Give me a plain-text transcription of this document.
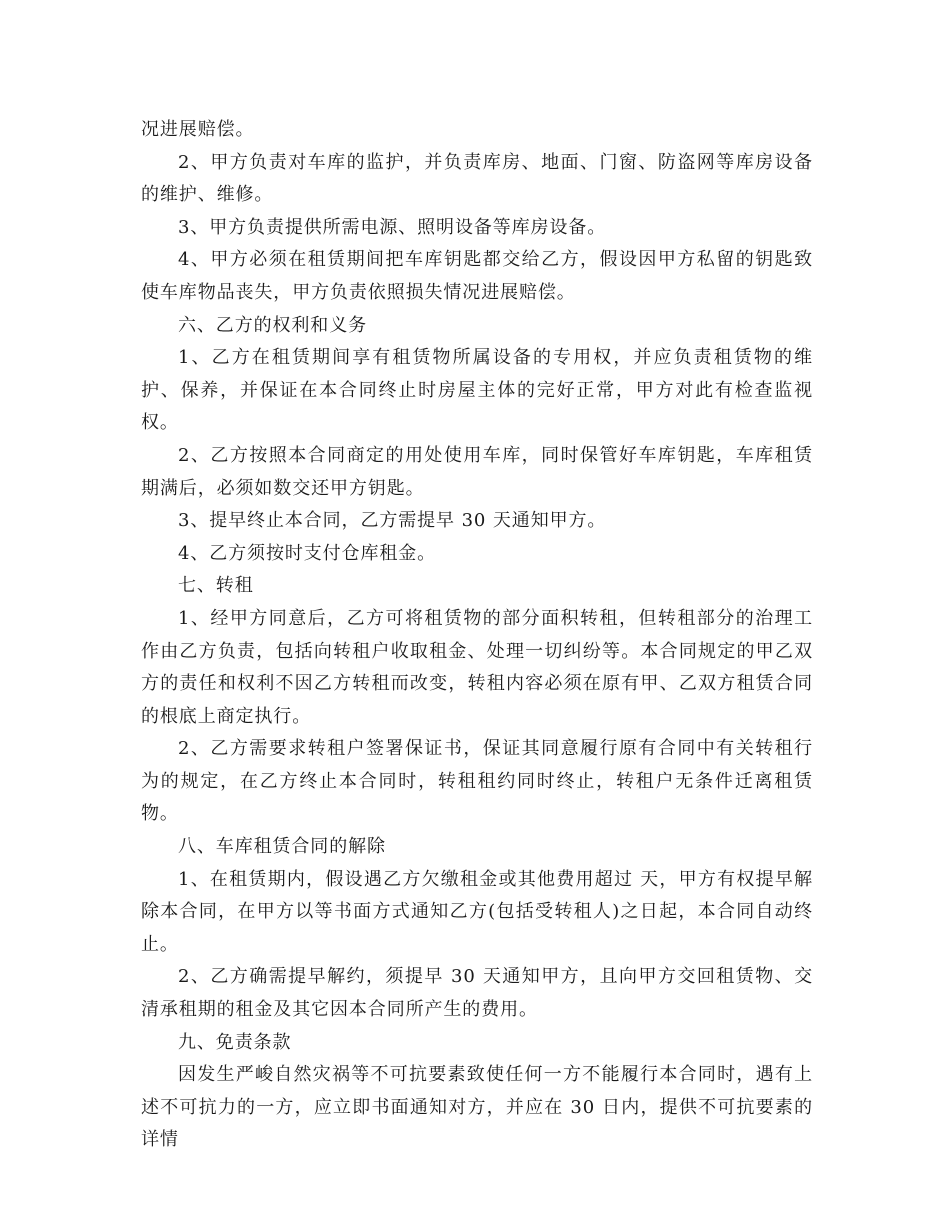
况进展赔偿。

2、甲方负责对车库的监护，并负责库房、地面、门窗、防盗网等库房设备的维护、维修。

3、甲方负责提供所需电源、照明设备等库房设备。

4、甲方必须在租赁期间把车库钥匙都交给乙方，假设因甲方私留的钥匙致使车库物品丧失，甲方负责依照损失情况进展赔偿。

六、乙方的权利和义务

1、乙方在租赁期间享有租赁物所属设备的专用权，并应负责租赁物的维护、保养，并保证在本合同终止时房屋主体的完好正常，甲方对此有检查监视权。

2、乙方按照本合同商定的用处使用车库，同时保管好车库钥匙，车库租赁期满后，必须如数交还甲方钥匙。

3、提早终止本合同，乙方需提早 30 天通知甲方。

4、乙方须按时支付仓库租金。

七、转租

1、经甲方同意后，乙方可将租赁物的部分面积转租，但转租部分的治理工作由乙方负责，包括向转租户收取租金、处理一切纠纷等。本合同规定的甲乙双方的责任和权利不因乙方转租而改变，转租内容必须在原有甲、乙双方租赁合同的根底上商定执行。

2、乙方需要求转租户签署保证书，保证其同意履行原有合同中有关转租行为的规定，在乙方终止本合同时，转租租约同时终止，转租户无条件迁离租赁物。

八、车库租赁合同的解除

1、在租赁期内，假设遇乙方欠缴租金或其他费用超过 天，甲方有权提早解除本合同，在甲方以等书面方式通知乙方(包括受转租人)之日起，本合同自动终止。

2、乙方确需提早解约，须提早 30 天通知甲方，且向甲方交回租赁物、交清承租期的租金及其它因本合同所产生的费用。

九、免责条款

因发生严峻自然灾祸等不可抗要素致使任何一方不能履行本合同时，遇有上述不可抗力的一方，应立即书面通知对方，并应在 30 日内，提供不可抗要素的详情
